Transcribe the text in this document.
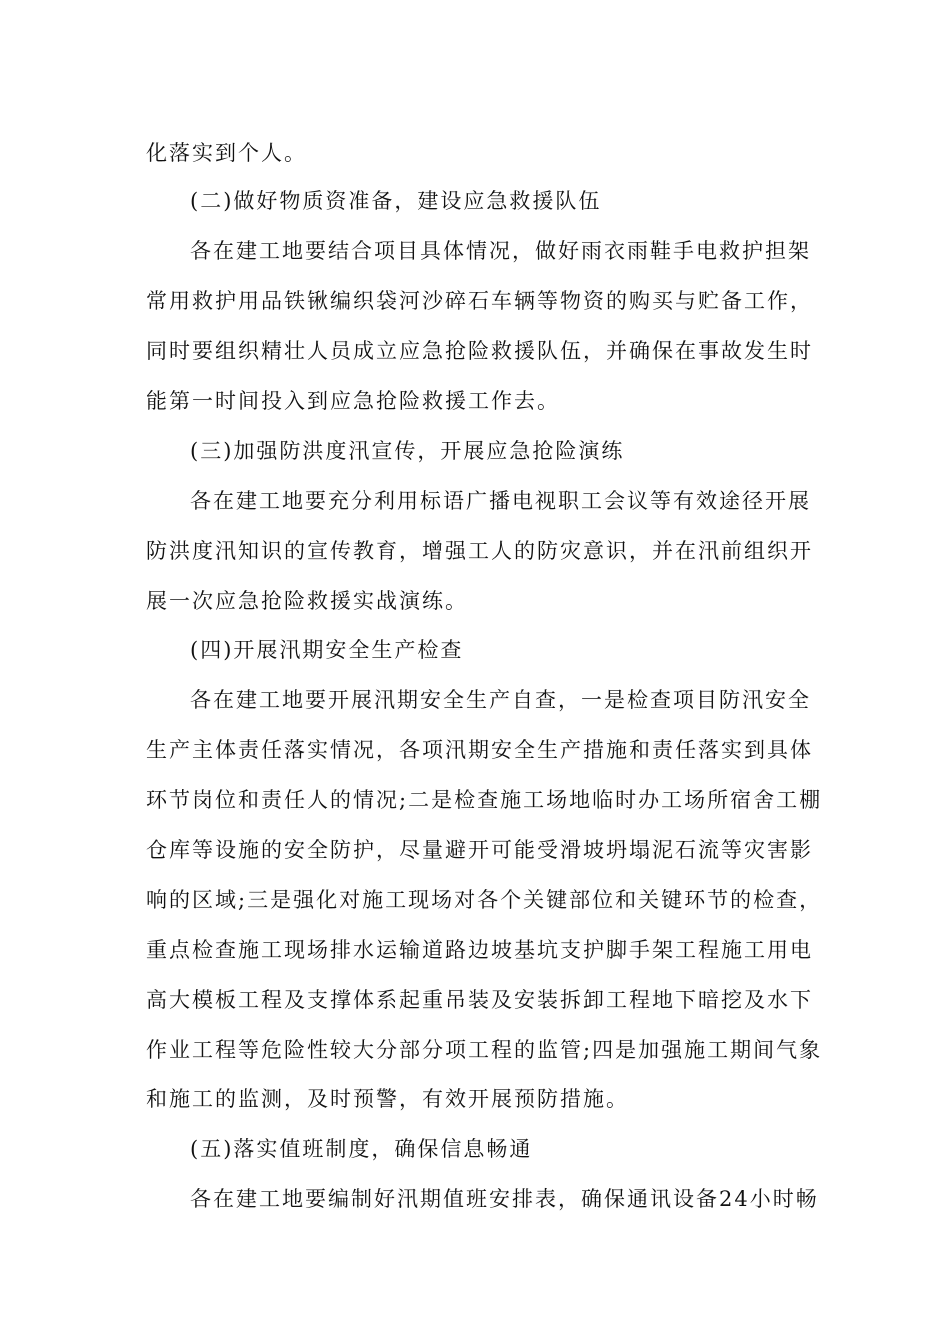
化落实到个人。
(二)做好物质资准备，建设应急救援队伍
各在建工地要结合项目具体情况，做好雨衣雨鞋手电救护担架
常用救护用品铁锹编织袋河沙碎石车辆等物资的购买与贮备工作，
同时要组织精壮人员成立应急抢险救援队伍，并确保在事故发生时
能第一时间投入到应急抢险救援工作去。
(三)加强防洪度汛宣传，开展应急抢险演练
各在建工地要充分利用标语广播电视职工会议等有效途径开展
防洪度汛知识的宣传教育，增强工人的防灾意识，并在汛前组织开
展一次应急抢险救援实战演练。
(四)开展汛期安全生产检查
各在建工地要开展汛期安全生产自查，一是检查项目防汛安全
生产主体责任落实情况，各项汛期安全生产措施和责任落实到具体
环节岗位和责任人的情况;二是检查施工场地临时办工场所宿舍工棚
仓库等设施的安全防护，尽量避开可能受滑坡坍塌泥石流等灾害影
响的区域;三是强化对施工现场对各个关键部位和关键环节的检查，
重点检查施工现场排水运输道路边坡基坑支护脚手架工程施工用电
高大模板工程及支撑体系起重吊装及安装拆卸工程地下暗挖及水下
作业工程等危险性较大分部分项工程的监管;四是加强施工期间气象
和施工的监测，及时预警，有效开展预防措施。
(五)落实值班制度，确保信息畅通
各在建工地要编制好汛期值班安排表，确保通讯设备24小时畅
